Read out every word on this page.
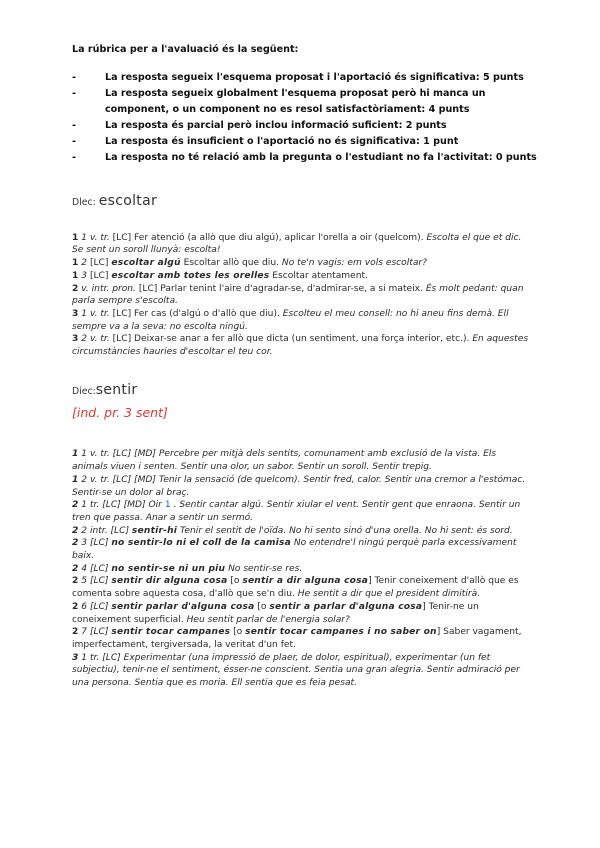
La rúbrica per a l'avaluació és la següent:
-	La resposta segueix l'esquema proposat i l'aportació és significativa: 5 punts
-	La resposta segueix globalment l'esquema proposat però hi manca un component, o un component no es resol satisfactòriament: 4 punts
-	La resposta és parcial però inclou informació suficient: 2 punts
-	La resposta és insuficient o l'aportació no és significativa: 1 punt
-	La resposta no té relació amb la pregunta o l'estudiant no fa l'activitat: 0 punts
Dlec: escoltar

1 1 v. tr. [LC] Fer atenció (a allò que diu algú), aplicar l'orella a oir (quelcom). Escolta el que et dic. Se sent un soroll llunyà: escolta!

1 2 [LC] escoltar algú Escoltar allò que diu. No te'n vagis: em vols escoltar?

1 3 [LC] escoltar amb totes les orelles Escoltar atentament.

2 v. intr. pron. [LC] Parlar tenint l'aire d'agradar-se, d'admirar-se, a si mateix. És molt pedant: quan parla sempre s'escolta.

3 1 v. tr. [LC] Fer cas (d'algú o d'allò que diu). Escolteu el meu consell: no hi aneu fins demà. Ell sempre va a la seva: no escolta ningú.

3 2 v. tr. [LC] Deixar-se anar a fer allò que dicta (un sentiment, una força interior, etc.). En aquestes circumstàncies hauries d'escoltar el teu cor.

Diec:sentir
[ind. pr. 3 sent]

1 1 v. tr. [LC] [MD] Percebre per mitjà dels sentits, comunament amb exclusió de la vista. Els animals viuen i senten. Sentir una olor, un sabor. Sentir un soroll. Sentir trepig.

1 2 v. tr. [LC] [MD] Tenir la sensació (de quelcom). Sentir fred, calor. Sentir una cremor a l'estómac. Sentir-se un dolor al braç.

2 1 tr. [LC] [MD] Oir 1 . Sentir cantar algú. Sentir xiular el vent. Sentir gent que enraona. Sentir un tren que passa. Anar a sentir un sermó.

2 2 intr. [LC] sentir-hi Tenir el sentit de l'oïda. No hi sento sinó d'una orella. No hi sent: és sord.

2 3 [LC] no sentir-lo ni el coll de la camisa No entendre'l ningú perquè parla excessivament baix.

2 4 [LC] no sentir-se ni un piu No sentir-se res.

2 5 [LC] sentir dir alguna cosa [o sentir a dir alguna cosa] Tenir coneixement d'allò que es comenta sobre aquesta cosa, d'allò que se'n diu. He sentit a dir que el president dimitirà.

2 6 [LC] sentir parlar d'alguna cosa [o sentir a parlar d'alguna cosa] Tenir-ne un coneixement superficial. Heu sentit parlar de l'energia solar?

2 7 [LC] sentir tocar campanes [o sentir tocar campanes i no saber on] Saber vagament, imperfectament, tergiversada, la veritat d'un fet.

3 1 tr. [LC] Experimentar (una impressió de plaer, de dolor, espiritual), experimentar (un fet subjectiu), tenir-ne el sentiment, ésser-ne conscient. Sentia una gran alegria. Sentir admiració per una persona. Sentia que es moria. Ell sentia que es feia pesat.
